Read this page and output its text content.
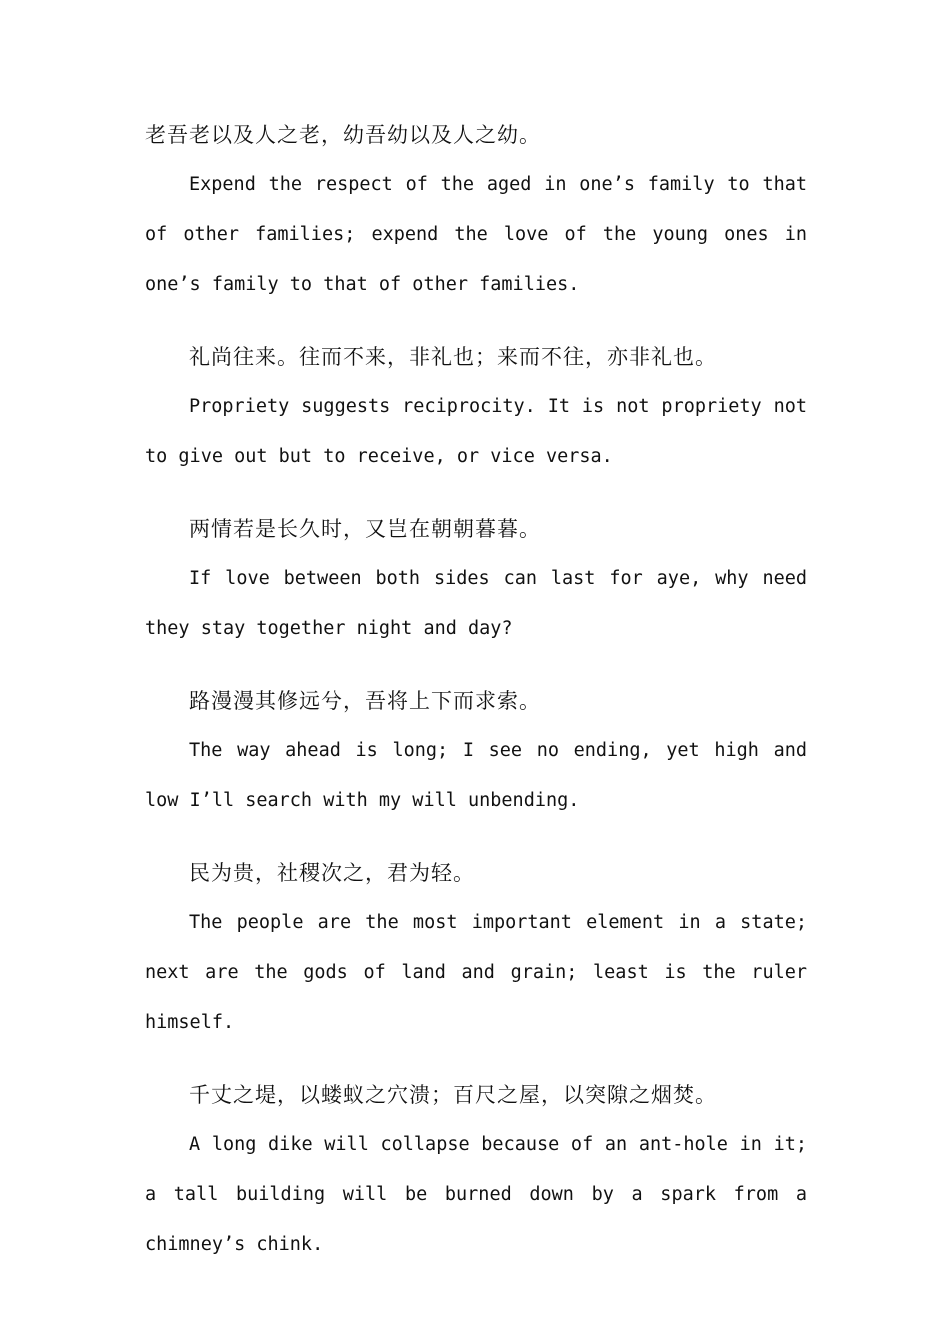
老吾老以及人之老，幼吾幼以及人之幼。

Expend the respect of the aged in one’s family to that of other families; expend the love of the young ones in one’s family to that of other families.

礼尚往来。往而不来，非礼也；来而不往，亦非礼也。

Propriety suggests reciprocity. It is not propriety not to give out but to receive, or vice versa.

两情若是长久时，又岂在朝朝暮暮。

If love between both sides can last for aye, why need they stay together night and day?

路漫漫其修远兮，吾将上下而求索。

The way ahead is long; I see no ending, yet high and low I’ll search with my will unbending.

民为贵，社稷次之，君为轻。

The people are the most important element in a state; next are the gods of land and grain; least is the ruler himself.

千丈之堤，以蝼蚁之穴溃；百尺之屋，以突隙之烟焚。

A long dike will collapse because of an ant-hole in it; a tall building will be burned down by a spark from a chimney’s chink.
